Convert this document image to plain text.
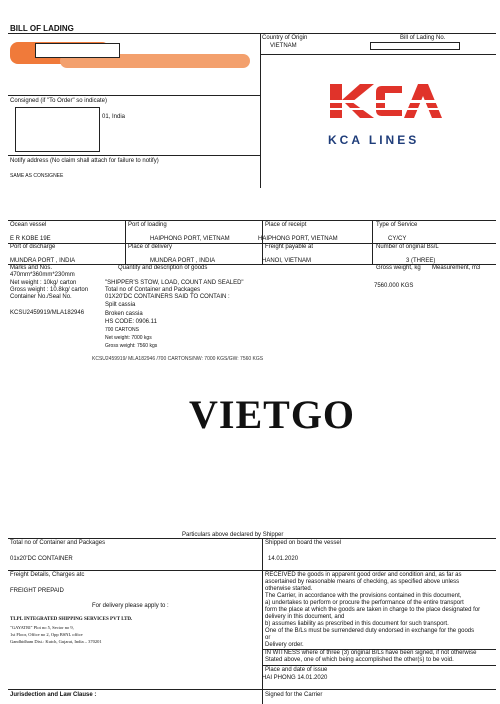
BILL OF LADING
Country of Origin
VIETNAM
Bill of Lading No.
Consigned (if "To Order" so indicate)
01, India
Notify address (No claim shall attach for failure to notify)
SAME AS CONSIGNEE
KCA LINES
Ocean vessel
E R KOBE 19E
Port of loading
HAIPHONG PORT, VIETNAM
Place of receipt
HAIPHONG PORT, VIETNAM
Type of Service
CY/CY
Port of discharge
MUNDRA PORT , INDIA
Place of delivery
MUNDRA PORT , INDIA
Freight payable at
HANOI, VIETNAM
Number of original Bs/L
3 (THREE)
Marks and Nos.	Quantity and description of goods	Gross weight, kg Measurement, m3
470mm*360mm*230mm
Net weight : 10kg/ carton
Gross weight : 10.8kg/ carton
Container No./Seal No.
KCSU2459919/MLA182946
"SHIPPER'S STOW, LOAD, COUNT AND SEALED"
Total no of Container and Packages
01X20'DC CONTAINERS SAID TO CONTAIN :
Spilt cassia
Broken cassia
HS CODE: 0906.11
700 CARTONS
Net weight: 7000 kgs
Gross weight: 7560 kgs
7560.000 KGS
KCSU2459919/ MLA182946 /700 CARTONS/NW: 7000 KGS/GW: 7560 KGS
VIETGO
Particulars above declared by Shipper
Total no of Container and Packages
01x20'DC CONTAINER
Shipped on board the vessel
14.01.2020
Freight Details, Charges atc
FREIGHT PREPAID
RECEIVED the goods in apparent good order and condition and, as far as
ascertained by reasonable means of checking, as specified above unless
otherwise started.
The Carrier, in accordance with the provisions contained in this document,
a) undertakes to perform or procure the performance of the entire transport
form the place at which the goods are taken in charge to the place designated for
delivery in this document, and
b) assumes liability as prescribed in this document for such transport.
One of the B/Ls must be surrendered duty endorsed in exchange for the goods
or
Delivery order.
IN WITNESS where of three (3) original B/Ls have been signed, if not otherwise
Stated above, one of which being accomplished the other(s) to be void.
Place and date of issue
HAI PHONG 14.01.2020
For delivery please apply to :
TLPL INTEGRATED SHIPPING SERVICES PVT LTD.
"GAYATRI" Plot no 5, Sector no 9,
1st Floor, Office no 2, Opp BSNL office
Gandhidham Dist.: Kutch, Gujarat, India – 370201
Jurisdection and Law Clause :	Signed for the Carrier
